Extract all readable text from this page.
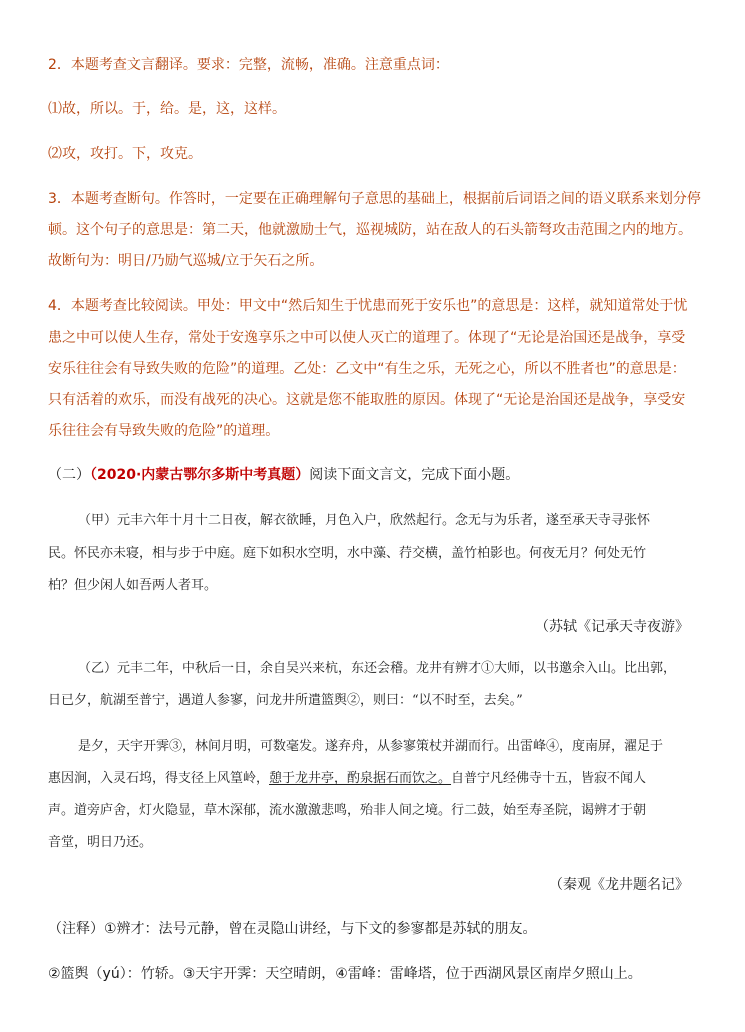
2．本题考查文言翻译。要求：完整，流畅，准确。注意重点词：
⑴故，所以。于，给。是，这，这样。
⑵攻，攻打。下，攻克。
3．本题考查断句。作答时，一定要在正确理解句子意思的基础上，根据前后词语之间的语义联系来划分停
顿。这个句子的意思是：第二天，他就激励士气，巡视城防，站在敌人的石头箭弩攻击范围之内的地方。
故断句为：明日/乃励气巡城/立于矢石之所。
4．本题考查比较阅读。甲处：甲文中“然后知生于忧患而死于安乐也”的意思是：这样，就知道常处于忧
患之中可以使人生存，常处于安逸享乐之中可以使人灭亡的道理了。体现了“无论是治国还是战争，享受
安乐往往会有导致失败的危险”的道理。乙处：乙文中“有生之乐，无死之心，所以不胜者也”的意思是：
只有活着的欢乐，而没有战死的决心。这就是您不能取胜的原因。体现了“无论是治国还是战争，享受安
乐往往会有导致失败的危险”的道理。
（二）（2020·内蒙古鄂尔多斯中考真题）阅读下面文言文，完成下面小题。
（甲）元丰六年十月十二日夜，解衣欲睡，月色入户，欣然起行。念无与为乐者，遂至承天寺寻张怀
民。怀民亦未寝，相与步于中庭。庭下如积水空明，水中藻、荇交横，盖竹柏影也。何夜无月？何处无竹
柏？但少闲人如吾两人者耳。
（苏轼《记承天寺夜游》
（乙）元丰二年，中秋后一日，余自吴兴来杭，东还会稽。龙井有辨才①大师，以书邀余入山。比出郭，
日已夕，航湖至普宁，遇道人参寥，问龙井所遣篮舆②，则曰：“以不时至，去矣。”
是夕，天宇开霁③，林间月明，可数毫发。遂弃舟，从参寥策杖并湖而行。出雷峰④，度南屏，濯足于
惠因涧，入灵石坞，得支径上风篁岭，憩于龙井亭，酌泉据石而饮之。自普宁凡经佛寺十五，皆寂不闻人
声。道旁庐舍，灯火隐显，草木深郁，流水激激悲鸣，殆非人间之境。行二鼓，始至寿圣院，谒辨才于朝
音堂，明日乃还。
（秦观《龙井题名记》
（注释）①辨才：法号元静，曾在灵隐山讲经，与下文的参寥都是苏轼的朋友。
②篮舆（yú）：竹轿。③天宇开霁：天空晴朗，④雷峰：雷峰塔，位于西湖风景区南岸夕照山上。
